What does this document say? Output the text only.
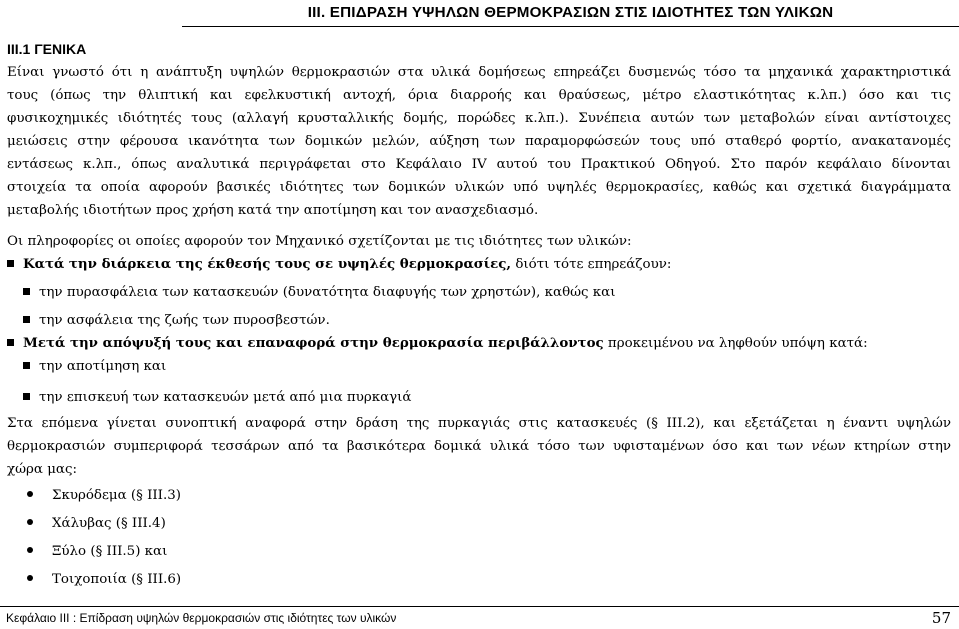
III. ΕΠΙΔΡΑΣΗ ΥΨΗΛΩΝ ΘΕΡΜΟΚΡΑΣΙΩΝ ΣΤΙΣ ΙΔΙΟΤΗΤΕΣ ΤΩΝ ΥΛΙΚΩΝ
III.1 ΓΕΝΙΚΑ
Είναι γνωστό ότι η ανάπτυξη υψηλών θερμοκρασιών στα υλικά δομήσεως επηρεάζει δυσμενώς τόσο τα μηχανικά χαρακτηριστικά
τους (όπως την θλιπτική και εφελκυστική αντοχή, όρια διαρροής και θραύσεως, μέτρο ελαστικότητας κ.λπ.) όσο και τις
φυσικοχημικές ιδιότητές τους (αλλαγή κρυσταλλικής δομής, πορώδες κ.λπ.). Συνέπεια αυτών των μεταβολών είναι αντίστοιχες
μειώσεις στην φέρουσα ικανότητα των δομικών μελών, αύξηση των παραμορφώσεών τους υπό σταθερό φορτίο, ανακατανομές
εντάσεως κ.λπ., όπως αναλυτικά περιγράφεται στο Κεφάλαιο IV αυτού του Πρακτικού Οδηγού. Στο παρόν κεφάλαιο δίνονται
στοιχεία τα οποία αφορούν βασικές ιδιότητες των δομικών υλικών υπό υψηλές θερμοκρασίες, καθώς και σχετικά διαγράμματα
μεταβολής ιδιοτήτων προς χρήση κατά την αποτίμηση και τον ανασχεδιασμό.
Οι πληροφορίες οι οποίες αφορούν τον Μηχανικό σχετίζονται με τις ιδιότητες των υλικών:
Κατά την διάρκεια της έκθεσής τους σε υψηλές θερμοκρασίες, διότι τότε επηρεάζουν:
την πυρασφάλεια των κατασκευών (δυνατότητα διαφυγής των χρηστών), καθώς και
την ασφάλεια της ζωής των πυροσβεστών.
Μετά την απόψυξή τους και επαναφορά στην θερμοκρασία περιβάλλοντος προκειμένου να ληφθούν υπόψη κατά:
την αποτίμηση και
την επισκευή των κατασκευών μετά από μια πυρκαγιά
Στα επόμενα γίνεται συνοπτική αναφορά στην δράση της πυρκαγιάς στις κατασκευές (§ III.2), και εξετάζεται η έναντι υψηλών
θερμοκρασιών συμπεριφορά τεσσάρων από τα βασικότερα δομικά υλικά τόσο των υφισταμένων όσο και των νέων κτηρίων στην
χώρα μας:
Σκυρόδεμα (§ III.3)
Χάλυβας (§ III.4)
Ξύλο (§ III.5) και
Τοιχοποιία (§ III.6)
Κεφάλαιο III : Επίδραση υψηλών θερμοκρασιών στις ιδιότητες των υλικών	57
